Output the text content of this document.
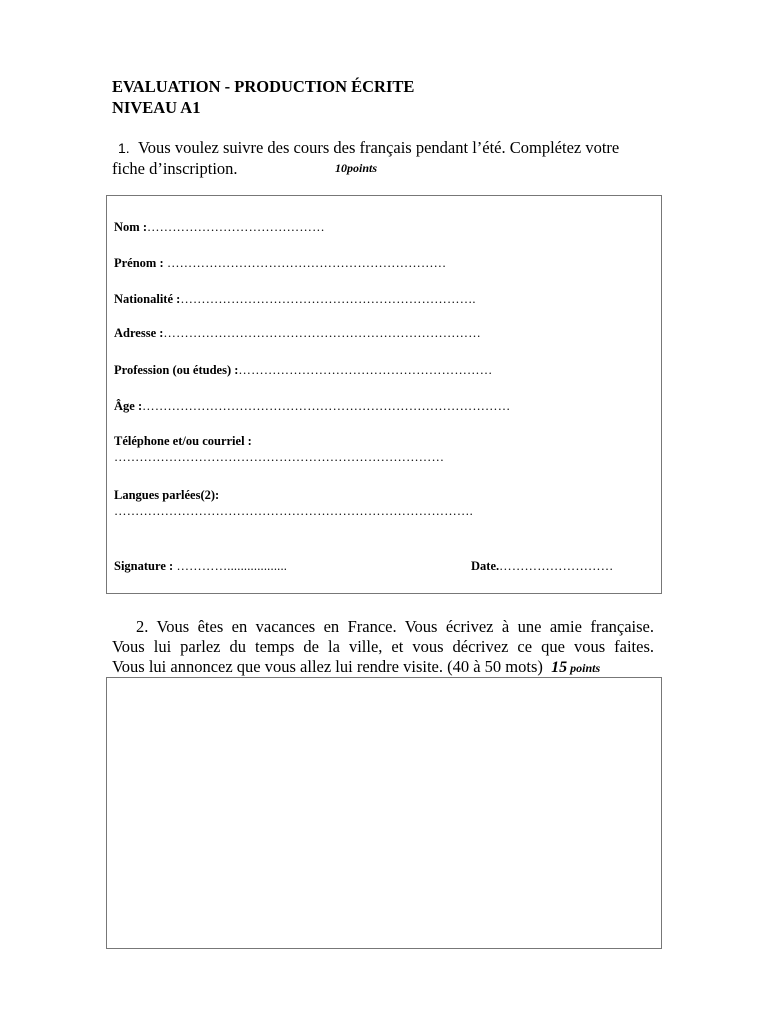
EVALUATION - PRODUCTION ÉCRITE
NIVEAU A1
1. Vous voulez suivre des cours des français pendant l’été. Complétez votre
fiche d’inscription.	10points
Nom :……………………………………
Prénom : …………………………………………………………
Nationalité :…………………………………………………………….
Adresse :…………………………………………………………………
Profession (ou études) :……………………………………………………
Âge :……………………………………………………………………………
Téléphone et/ou courriel :
……………………………………………………………………
Langues parlées(2):
………………………………………………………………………….
Signature : …………..................	Date.………………………
2. Vous êtes en vacances en France. Vous écrivez à une amie française.
Vous lui parlez du temps de la ville, et vous décrivez ce que vous faites.
Vous lui annoncez que vous allez lui rendre visite. (40 à 50 mots) 15 points
